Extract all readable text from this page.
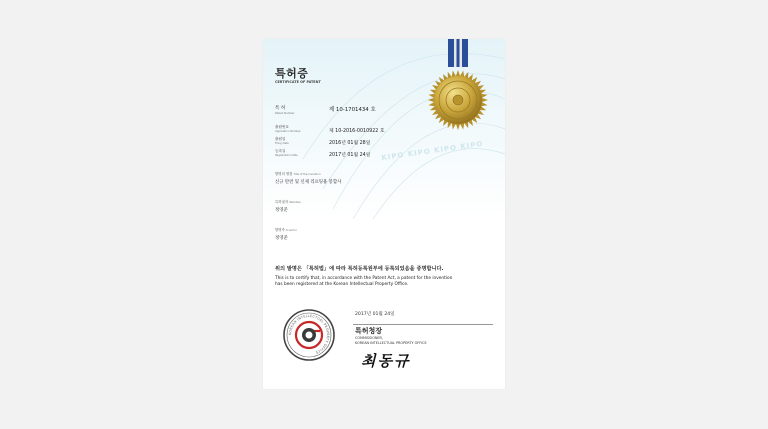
특허증
CERTIFICATE OF PATENT
특 허
Patent Number
제 10-1701434 호
출원번호
Application Number	제 10-2016-0010922 호
출원일
Filing Date	2016년 01월 28일
등록일
Registration Date	2017년 01월 24일 KIPO KIPO KIPO KIPO
발명의 명칭 Title of the Invention
신규 탄련 및 신제 리프팅용 봉합사
특허권자 Patentee
정영준
발명자 Inventor
정영준
위의 발명은 「특허법」에 따라 특허등록원부에 등록되었음을 증명합니다.
This is to certify that, in accordance with the Patent Act, a patent for the invention
has been registered at the Korean Intellectual Property Office.
2017년 01월 24일
특허청장
COMMISSIONER,
KOREAN INTELLECTUAL PROPERTY OFFICE
최동규
KOREAN INTELLECTUAL PROPERTY OFFICE
